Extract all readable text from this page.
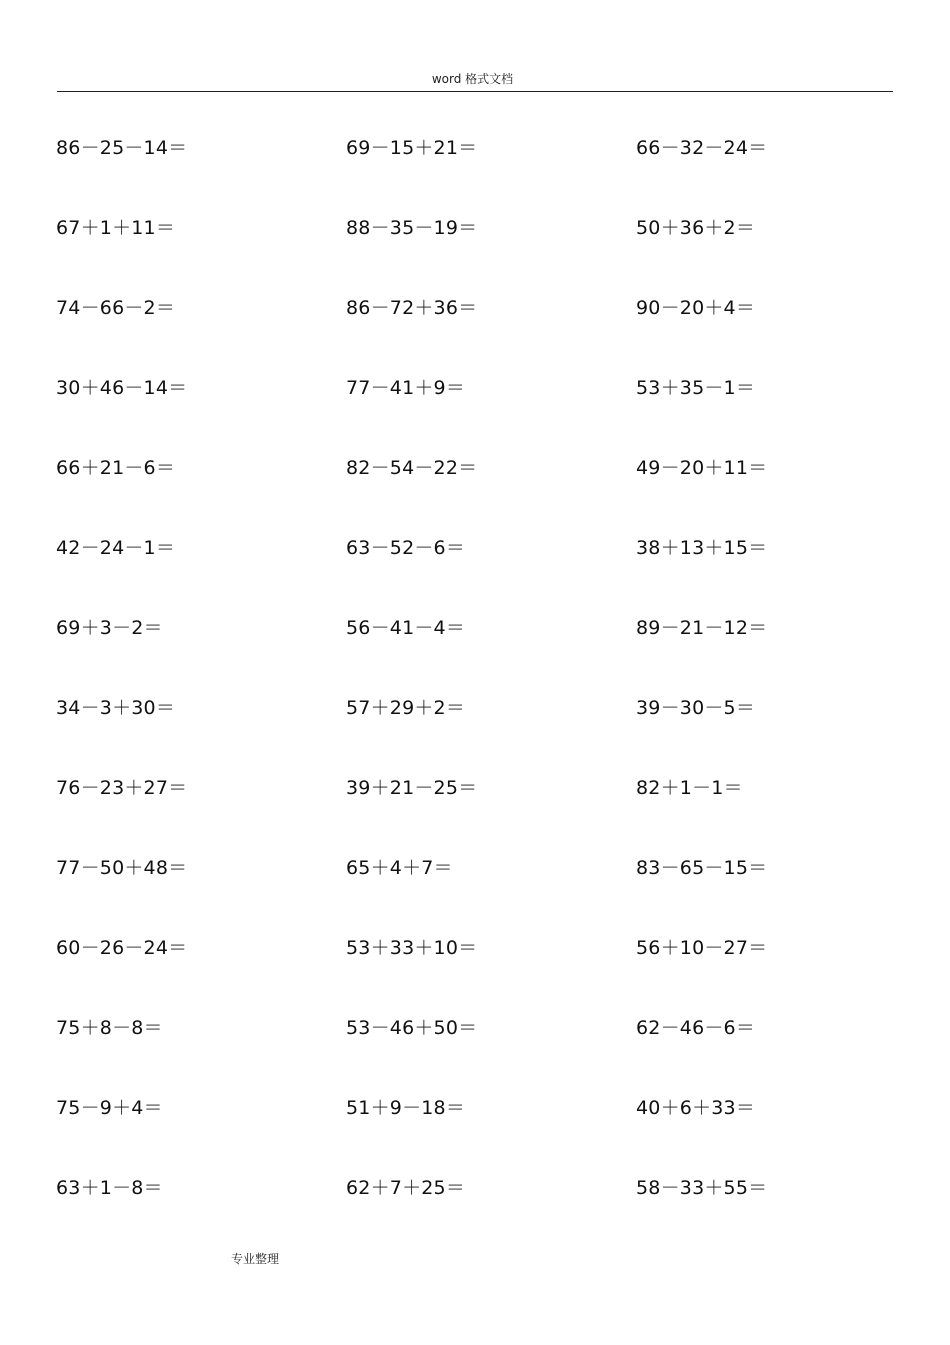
word 格式文档
86－25－14＝	69－15＋21＝	66－32－24＝
67＋1＋11＝	88－35－19＝	50＋36＋2＝
74－66－2＝	86－72＋36＝	90－20＋4＝
30＋46－14＝	77－41＋9＝	53＋35－1＝
66＋21－6＝	82－54－22＝	49－20＋11＝
42－24－1＝	63－52－6＝	38＋13＋15＝
69＋3－2＝	56－41－4＝	89－21－12＝
34－3＋30＝	57＋29＋2＝	39－30－5＝
76－23＋27＝	39＋21－25＝	82＋1－1＝
77－50＋48＝	65＋4＋7＝	83－65－15＝
60－26－24＝	53＋33＋10＝	56＋10－27＝
75＋8－8＝	53－46＋50＝	62－46－6＝
75－9＋4＝	51＋9－18＝	40＋6＋33＝
63＋1－8＝	62＋7＋25＝	58－33＋55＝
专业整理
